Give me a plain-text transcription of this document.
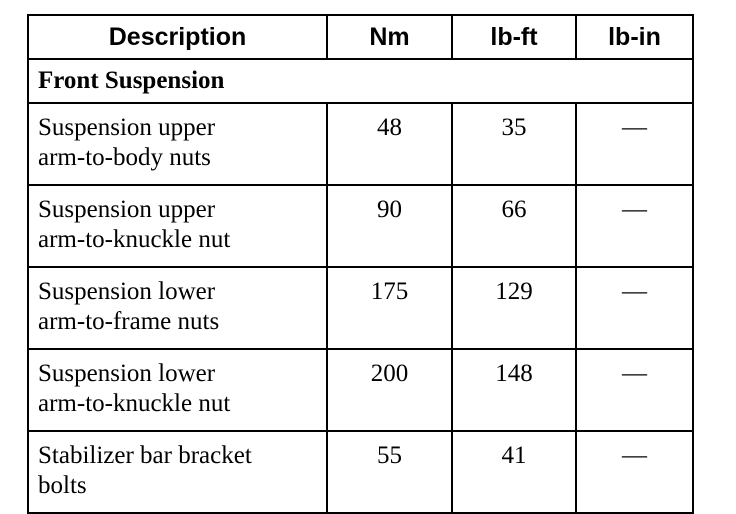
Description	Nm	lb-ft	lb-in
Front Suspension			

Suspension upper
arm-to-body nuts	48	35	—

Suspension upper
arm-to-knuckle nut	90	66	—

Suspension lower
arm-to-frame nuts	175	129	—

Suspension lower
arm-to-knuckle nut	200	148	—

Stabilizer bar bracket
bolts	55	41	—
